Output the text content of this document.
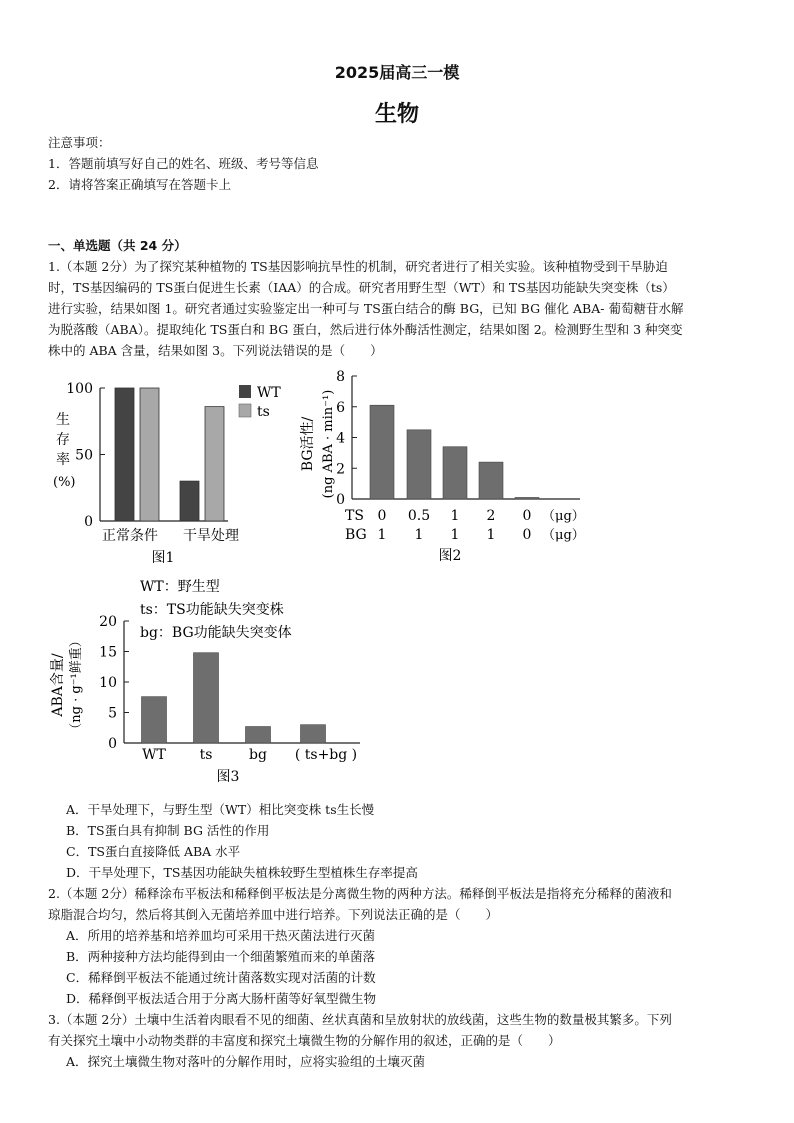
2025届高三一模
生物
注意事项：
1．答题前填写好自己的姓名、班级、考号等信息
2．请将答案正确填写在答题卡上
一、单选题（共 24 分）
1.（本题 2分）为了探究某种植物的 TS基因影响抗旱性的机制，研究者进行了相关实验。该种植物受到干旱胁迫
时，TS基因编码的 TS蛋白促进生长素（IAA）的合成。研究者用野生型（WT）和 TS基因功能缺失突变株（ts）
进行实验，结果如图 1。研究者通过实验鉴定出一种可与 TS蛋白结合的酶 BG，已知 BG 催化 ABA- 葡萄糖苷水解
为脱落酸（ABA）。提取纯化 TS蛋白和 BG 蛋白，然后进行体外酶活性测定，结果如图 2。检测野生型和 3 种突变
株中的 ABA 含量，结果如图 3。下列说法错误的是（　　）
0
50
100
生
存
率
(%)
WT
ts
正常条件 干旱处理
图1
0
2
4
6
8
BG活性/ (ng ABA · min⁻¹)
TS
BG
0 0.5 1 2 0
1 1 1 1 0
（μg）
（μg）
图2
WT：野生型
ts：TS功能缺失突变株
bg：BG功能缺失突变体
0
5
10
15
20
ABA含量/ （ng · g⁻¹鲜重）
WT ts	bg ( ts+bg )
图3
A．干旱处理下，与野生型（WT）相比突变株 ts生长慢
B．TS蛋白具有抑制 BG 活性的作用
C．TS蛋白直接降低 ABA 水平
D．干旱处理下，TS基因功能缺失植株较野生型植株生存率提高
2.（本题 2分）稀释涂布平板法和稀释倒平板法是分离微生物的两种方法。稀释倒平板法是指将充分稀释的菌液和
琼脂混合均匀，然后将其倒入无菌培养皿中进行培养。下列说法正确的是（　　）
A．所用的培养基和培养皿均可采用干热灭菌法进行灭菌
B．两种接种方法均能得到由一个细菌繁殖而来的单菌落
C．稀释倒平板法不能通过统计菌落数实现对活菌的计数
D．稀释倒平板法适合用于分离大肠杆菌等好氧型微生物
3.（本题 2分）土壤中生活着肉眼看不见的细菌、丝状真菌和呈放射状的放线菌，这些生物的数量极其繁多。下列
有关探究土壤中小动物类群的丰富度和探究土壤微生物的分解作用的叙述，正确的是（　　）
A．探究土壤微生物对落叶的分解作用时，应将实验组的土壤灭菌
